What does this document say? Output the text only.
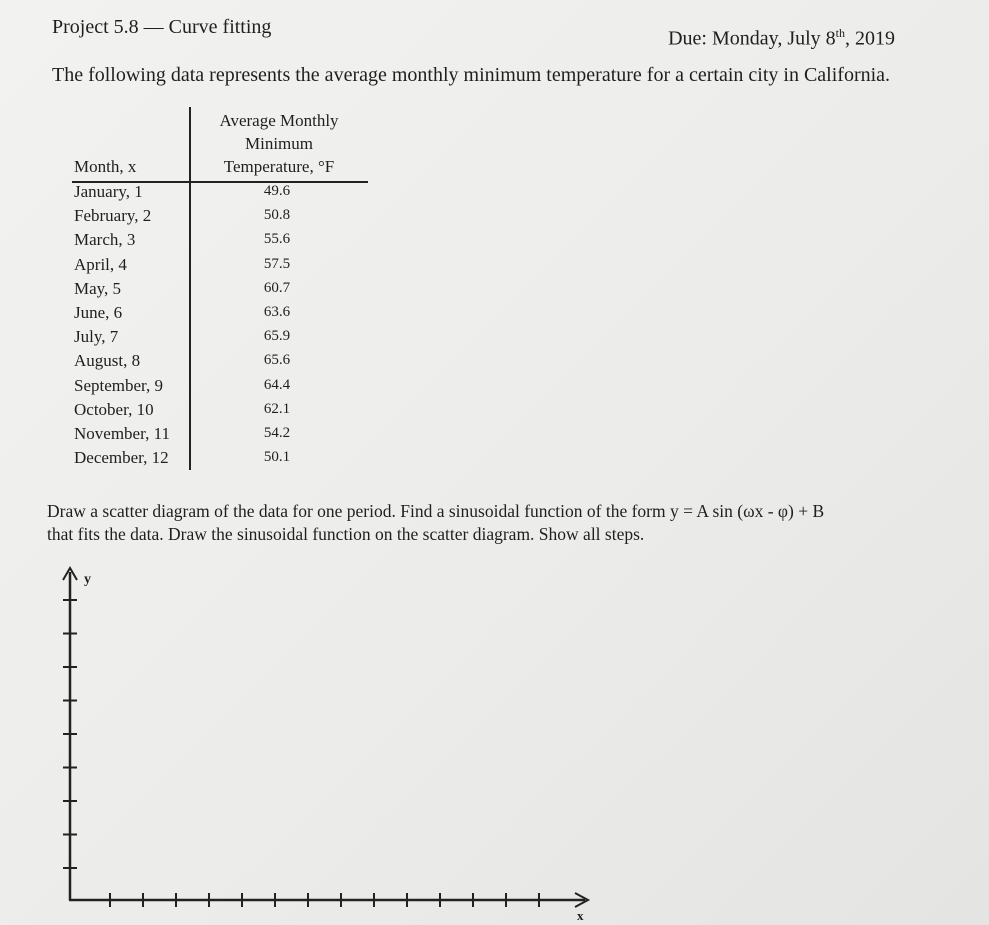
Project 5.8 — Curve fitting
Due: Monday, July 8th, 2019
The following data represents the average monthly minimum temperature for a certain city in California.
Month, x
Average Monthly
Minimum
Temperature, °F
January, 1	49.6
February, 2	50.8
March, 3	55.6
April, 4	57.5
May, 5	60.7
June, 6	63.6
July, 7	65.9
August, 8	65.6
September, 9	64.4
October, 10	62.1
November, 11	54.2
December, 12	50.1
Draw a scatter diagram of the data for one period. Find a sinusoidal function of the form y = A sin (ωx - φ) + B
that fits the data. Draw the sinusoidal function on the scatter diagram. Show all steps.
y
x
